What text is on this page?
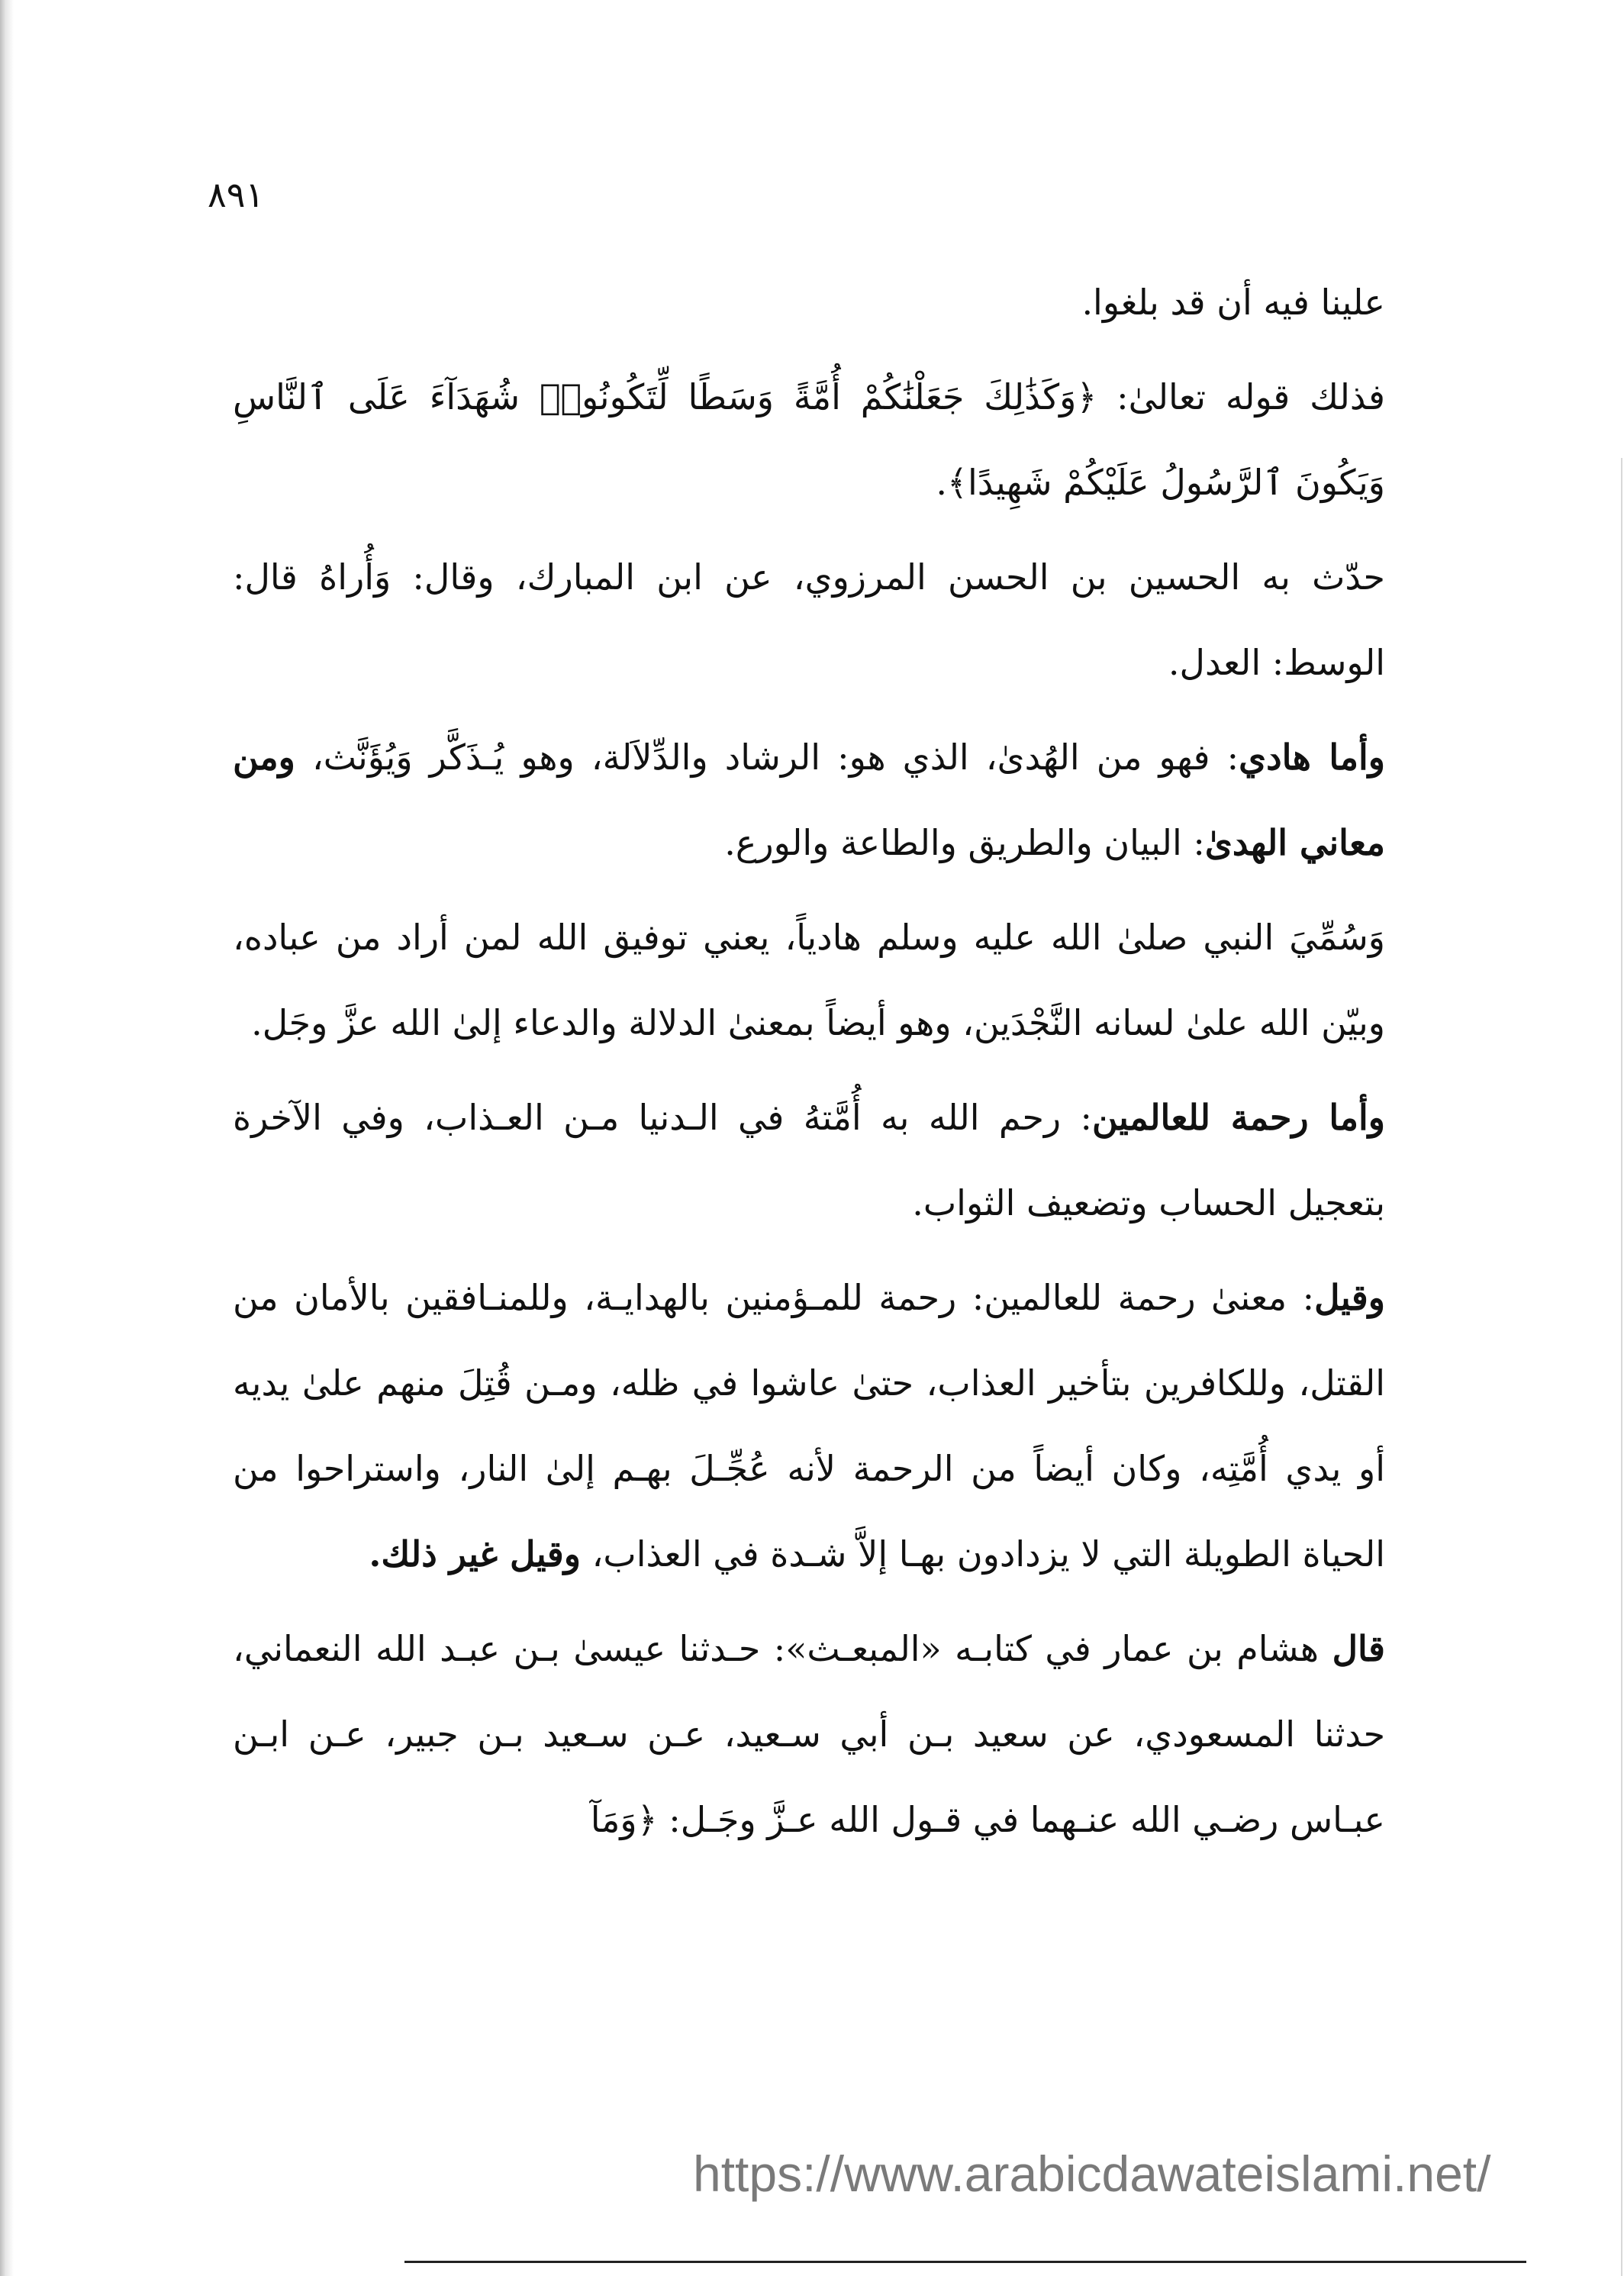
٨٩١

علينا فيه أن قد بلغوا.

فذلك قوله تعالىٰ: ﴿وَكَذَٰلِكَ جَعَلْنَٰكُمْ أُمَّةً وَسَطًا لِّتَكُونُوا۟ شُهَدَآءَ عَلَى ٱلنَّاسِ وَيَكُونَ ٱلرَّسُولُ عَلَيْكُمْ شَهِيدًا﴾.

حدّث به الحسين بن الحسن المرزوي، عن ابن المبارك، وقال: وَأُراهُ قال: الوسط: العدل.

وأما هادي: فهو من الهُدىٰ، الذي هو: الرشاد والدِّلاَلة، وهو يُـذَكَّر وَيُؤَنَّث، ومن معاني الهدىٰ: البيان والطريق والطاعة والورع.

وَسُمِّيَ النبي صلىٰ الله عليه وسلم هادياً، يعني توفيق الله لمن أراد من عباده، وبيّن الله علىٰ لسانه النَّجْدَين، وهو أيضاً بمعنىٰ الدلالة والدعاء إلىٰ الله عزَّ وجَل.

وأما رحمة للعالمين: رحم الله به أُمَّتهُ في الـدنيا مـن العـذاب، وفي الآخرة بتعجيل الحساب وتضعيف الثواب.

وقيل: معنىٰ رحمة للعالمين: رحمة للمـؤمنين بالهدايـة، وللمنـافقين بالأمان من القتل، وللكافرين بتأخير العذاب، حتىٰ عاشوا في ظله، ومـن قُتِلَ منهم علىٰ يديه أو يدي أُمَّتِه، وكان أيضاً من الرحمة لأنه عُجِّـلَ بهـم إلىٰ النار، واستراحوا من الحياة الطويلة التي لا يزدادون بهـا إلاَّ شـدة في العذاب، وقيل غير ذلك.

قال هشام بن عمار في كتابـه «المبعـث»: حـدثنا عيسىٰ بـن عبـد الله النعماني، حدثنا المسعودي، عن سعيد بـن أبي سـعيد، عـن سـعيد بـن جبير، عـن ابـن عبـاس رضـي الله عنـهما في قـول الله عـزَّ وجَـل: ﴿وَمَآ

https://www.arabicdawateislami.net/
